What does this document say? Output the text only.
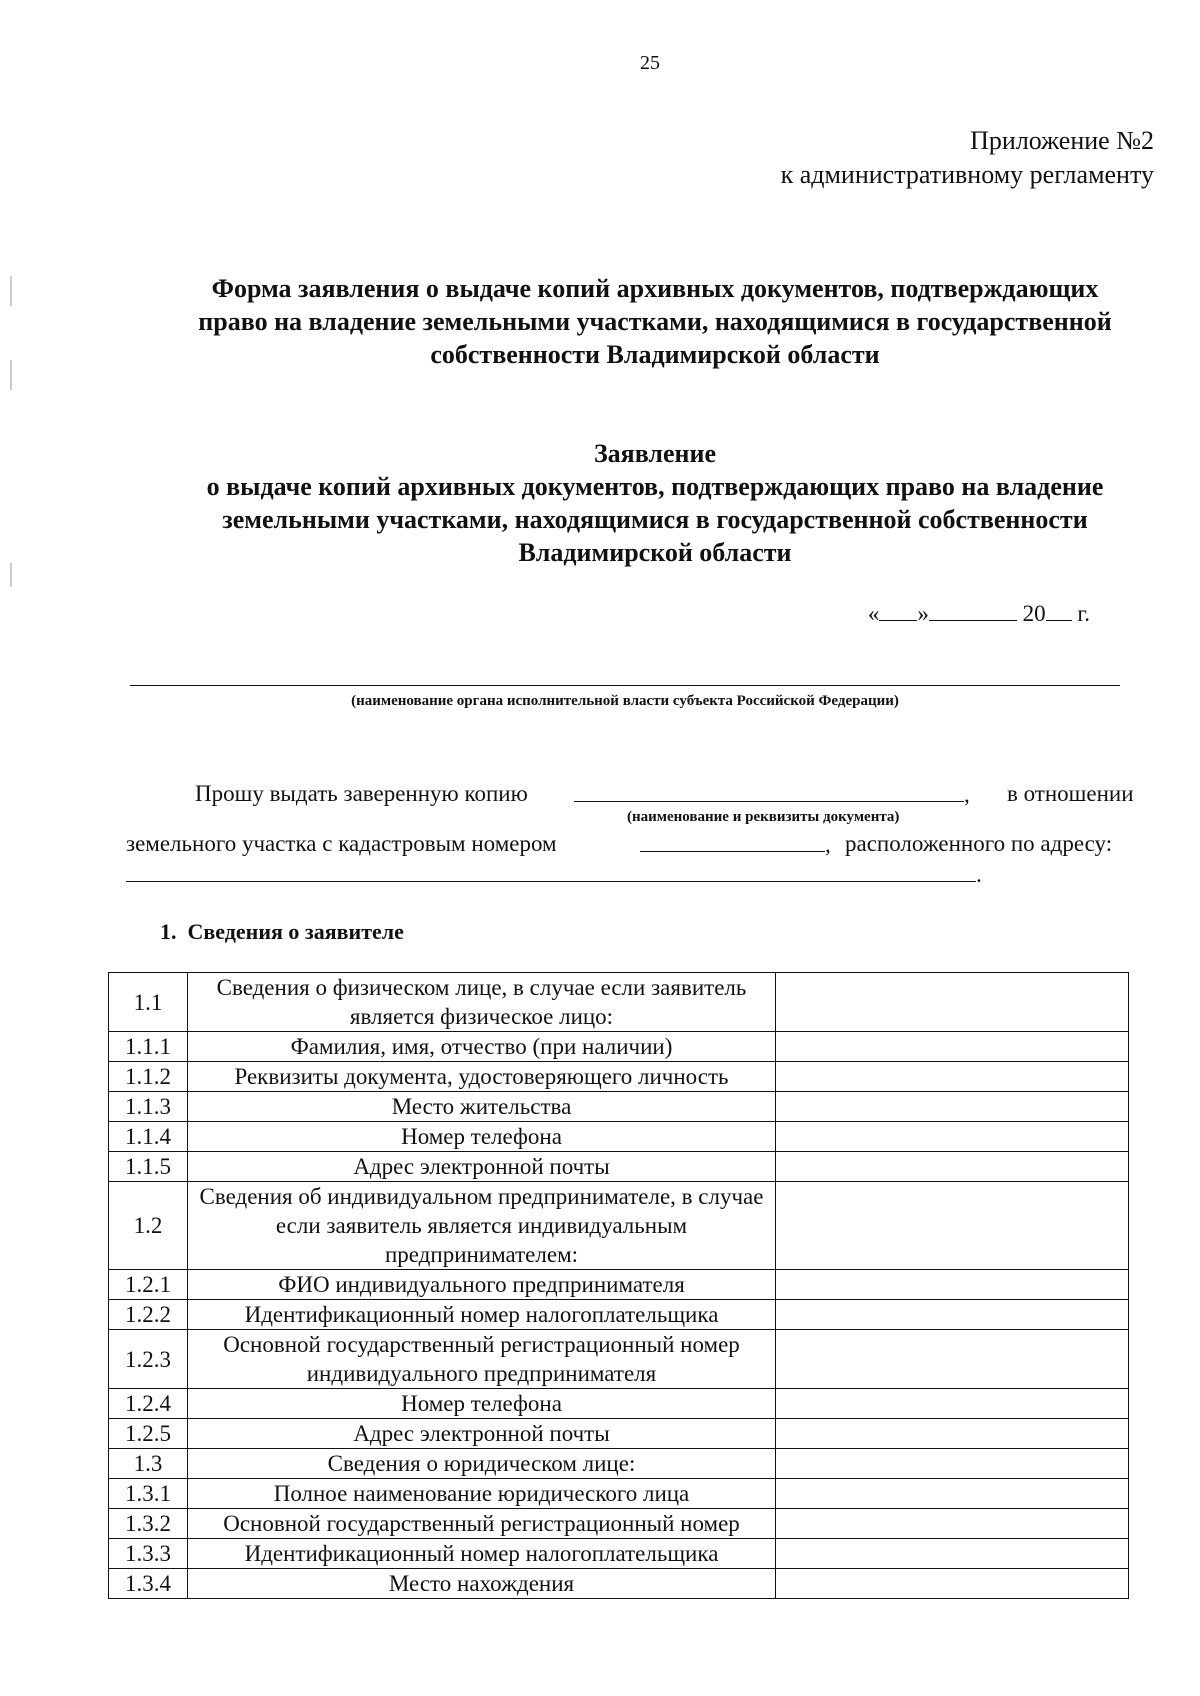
25
Приложение №2
к административному регламенту
Форма заявления о выдаче копий архивных документов, подтверждающих
право на владение земельными участками, находящимися в государственной
собственности Владимирской области
Заявление
о выдаче копий архивных документов, подтверждающих право на владение
земельными участками, находящимися в государственной собственности
Владимирской области
« »	20 г.
(наименование органа исполнительной власти субъекта Российской Федерации)
Прошу выдать заверенную копию	, в отношении
(наименование и реквизиты документа)
земельного участка с кадастровым номером	, расположенного по адресу:
.
1. Сведения о заявителе
1.1	Сведения о физическом лице, в случае если заявитель является физическое лицо:	
1.1.1	Фамилия, имя, отчество (при наличии)	
1.1.2	Реквизиты документа, удостоверяющего личность	
1.1.3	Место жительства	
1.1.4	Номер телефона	
1.1.5	Адрес электронной почты	
1.2	Сведения об индивидуальном предпринимателе, в случае если заявитель является индивидуальным предпринимателем:	
1.2.1	ФИО индивидуального предпринимателя	
1.2.2	Идентификационный номер налогоплательщика	
1.2.3	Основной государственный регистрационный номер индивидуального предпринимателя	
1.2.4	Номер телефона	
1.2.5	Адрес электронной почты	
1.3	Сведения о юридическом лице:	
1.3.1	Полное наименование юридического лица	
1.3.2	Основной государственный регистрационный номер	
1.3.3	Идентификационный номер налогоплательщика	
1.3.4	Место нахождения	
